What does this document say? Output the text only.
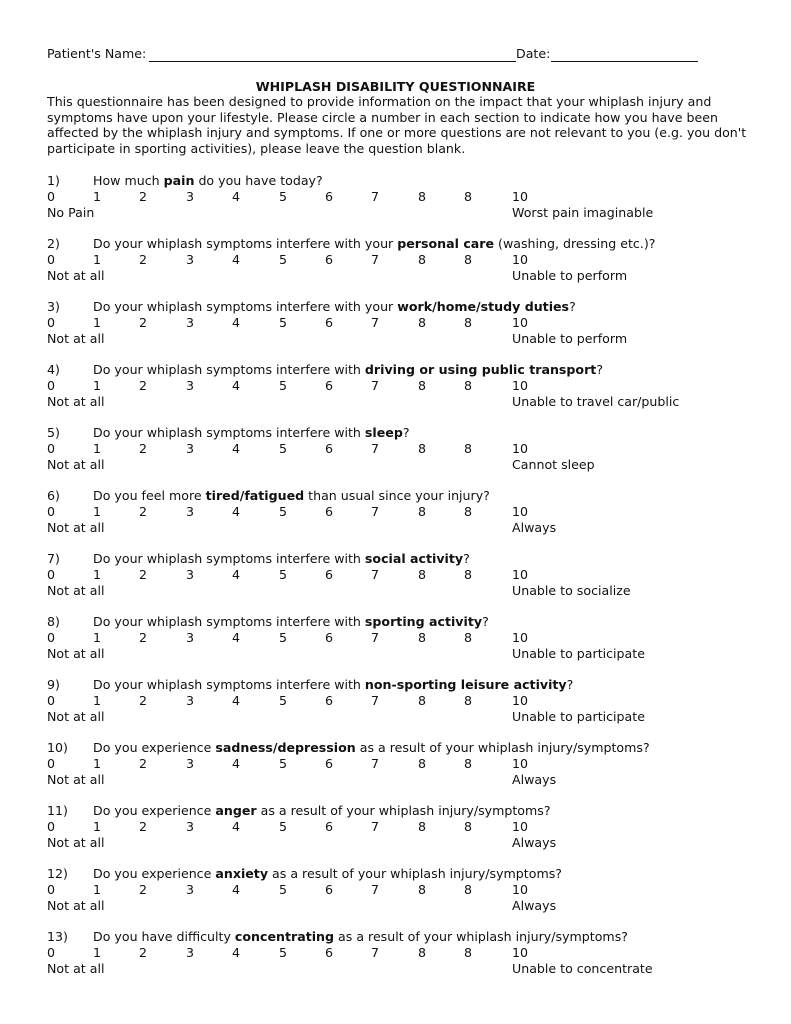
Patient's Name:	Date:
WHIPLASH DISABILITY QUESTIONNAIRE

This questionnaire has been designed to provide information on the impact that your whiplash injury and symptoms have upon your lifestyle. Please circle a number in each section to indicate how you have been affected by the whiplash injury and symptoms. If one or more questions are not relevant to you (e.g. you don't participate in sporting activities), please leave the question blank.

1)	How much pain do you have today?
0	1	2	3	4	5	6	7	8	8	10
No Pain	Worst pain imaginable
2)	Do your whiplash symptoms interfere with your personal care (washing, dressing etc.)?
0	1	2	3	4	5	6	7	8	8	10
Not at all	Unable to perform
3)	Do your whiplash symptoms interfere with your work/home/study duties?
0	1	2	3	4	5	6	7	8	8	10
Not at all	Unable to perform
4)	Do your whiplash symptoms interfere with driving or using public transport?
0	1	2	3	4	5	6	7	8	8	10
Not at all	Unable to travel car/public
5)	Do your whiplash symptoms interfere with sleep?
0	1	2	3	4	5	6	7	8	8	10
Not at all	Cannot sleep
6)	Do you feel more tired/fatigued than usual since your injury?
0	1	2	3	4	5	6	7	8	8	10
Not at all	Always
7)	Do your whiplash symptoms interfere with social activity?
0	1	2	3	4	5	6	7	8	8	10
Not at all	Unable to socialize
8)	Do your whiplash symptoms interfere with sporting activity?
0	1	2	3	4	5	6	7	8	8	10
Not at all	Unable to participate
9)	Do your whiplash symptoms interfere with non-sporting leisure activity?
0	1	2	3	4	5	6	7	8	8	10
Not at all	Unable to participate
10) Do you experience sadness/depression as a result of your whiplash injury/symptoms?
0	1	2	3	4	5	6	7	8	8	10
Not at all	Always
11) Do you experience anger as a result of your whiplash injury/symptoms?
0	1	2	3	4	5	6	7	8	8	10
Not at all	Always
12) Do you experience anxiety as a result of your whiplash injury/symptoms?
0	1	2	3	4	5	6	7	8	8	10
Not at all	Always
13) Do you have difficulty concentrating as a result of your whiplash injury/symptoms?
0	1	2	3	4	5	6	7	8	8	10
Not at all	Unable to concentrate
